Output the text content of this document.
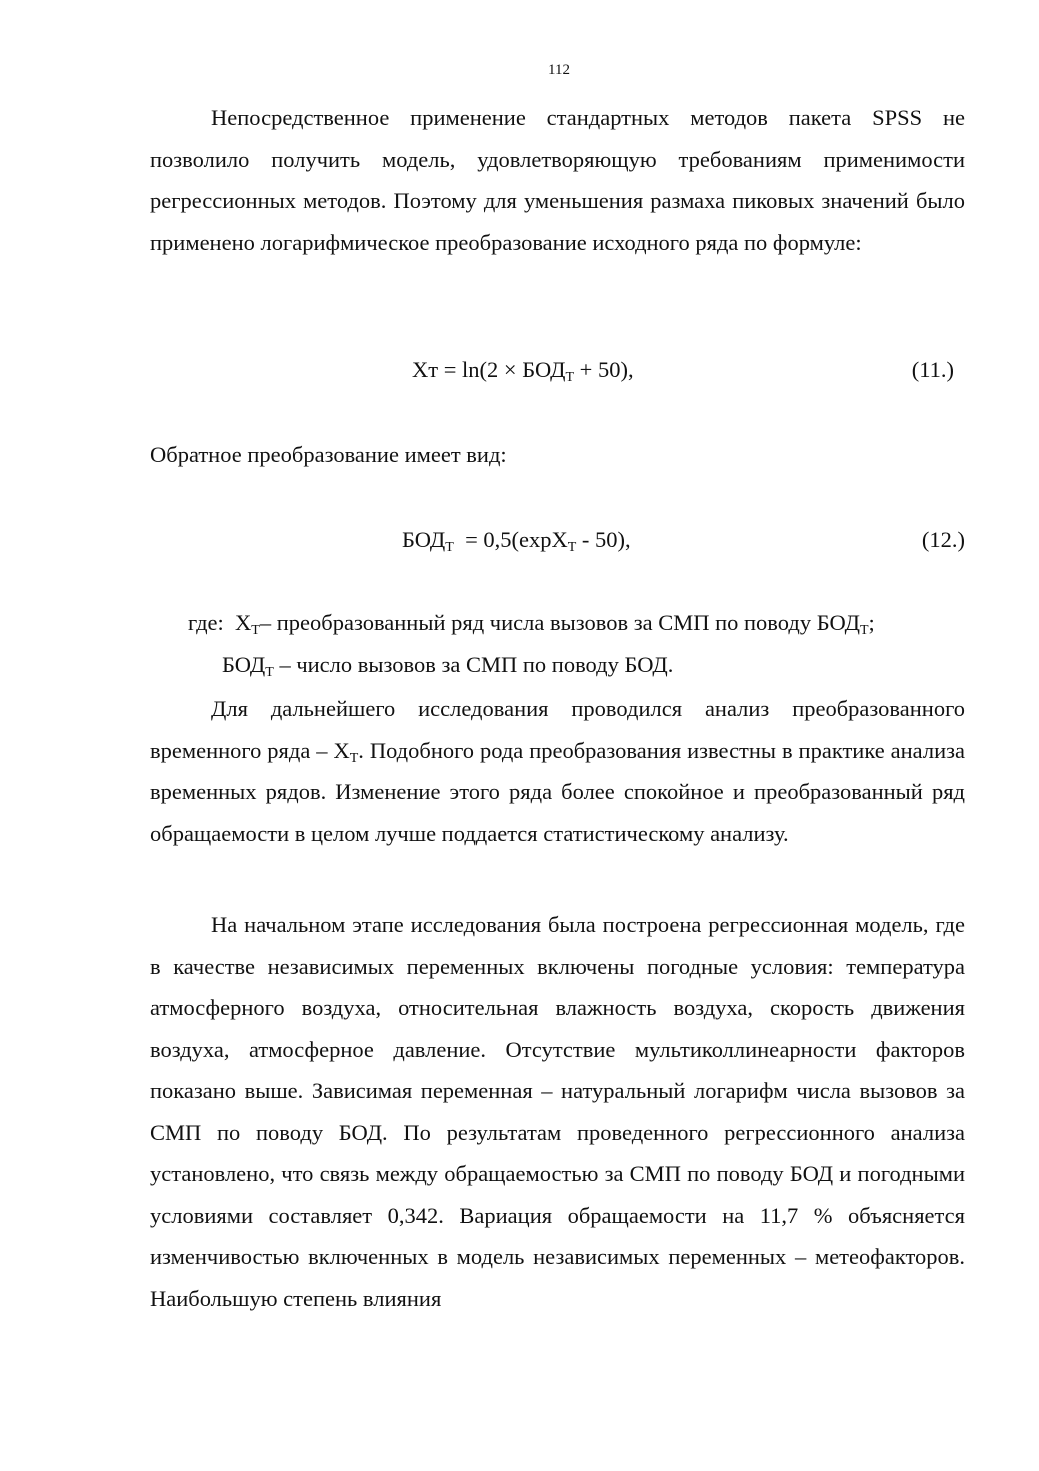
112
Непосредственное применение стандартных методов пакета SPSS не позволило получить модель, удовлетворяющую требованиям применимости регрессионных методов. Поэтому для уменьшения размаха пиковых значений было применено логарифмическое преобразование исходного ряда по формуле:
Хт = $\ln(2 \times БОД_Т + 50)$,	(11.)
Обратное преобразование имеет вид:
$БОД_Т = 0,5(\exp X_Т - 50)$,	(12.)
где:  $X_Т-$ преобразованный ряд числа вызовов за СМП по поводу $БОД_Т$;
$БОД_Т$ – число вызовов за СМП по поводу БОД.
Для дальнейшего исследования проводился анализ преобразованного временного ряда – $X_Т$. Подобного рода преобразования известны в практике анализа временных рядов. Изменение этого ряда более спокойное и преобразованный ряд обращаемости в целом лучше поддается статистическому анализу.
На начальном этапе исследования была построена регрессионная модель, где в качестве независимых переменных включены погодные условия: температура атмосферного воздуха, относительная влажность воздуха, скорость движения воздуха, атмосферное давление. Отсутствие мультиколлинеарности факторов показано выше. Зависимая переменная – натуральный логарифм числа вызовов за СМП по поводу БОД. По результатам проведенного регрессионного анализа установлено, что связь между обращаемостью за СМП по поводу БОД и погодными условиями составляет 0,342. Вариация обращаемости на 11,7 % объясняется изменчивостью включенных в модель независимых переменных – метеофакторов. Наибольшую степень влияния
